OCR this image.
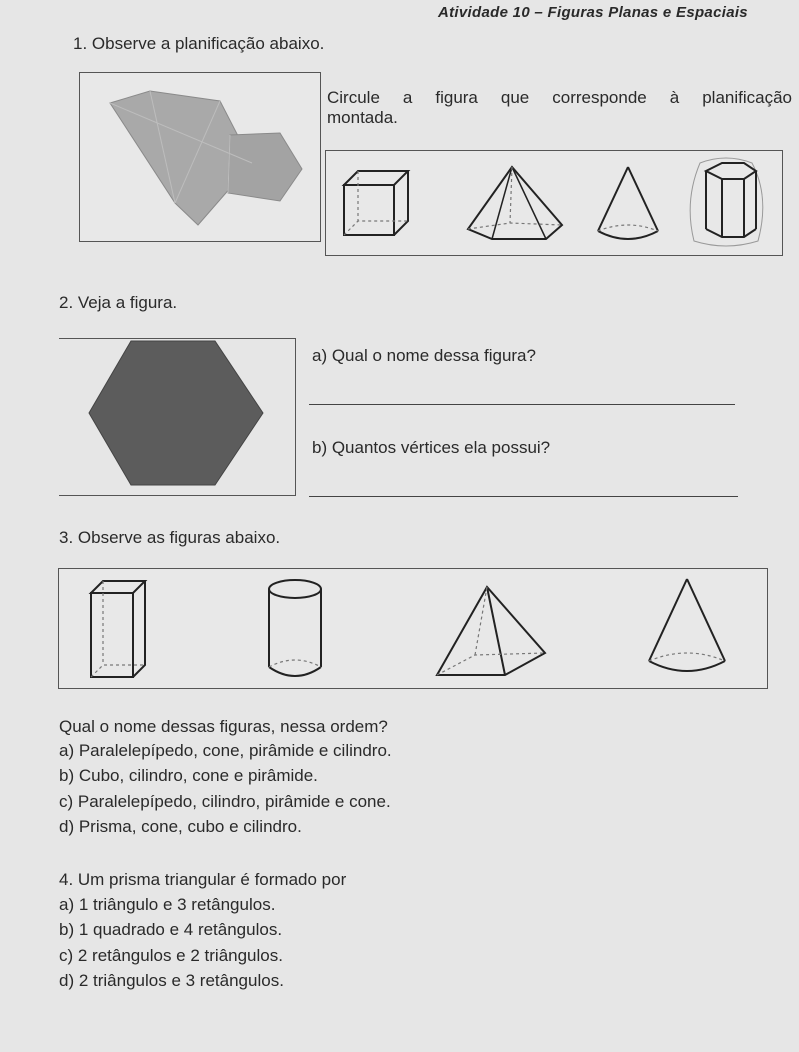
Atividade 10 – Figuras Planas e Espaciais
1. Observe a planificação abaixo.
Circule a figura que corresponde à planificação
montada.
2. Veja a figura.
a) Qual o nome dessa figura?
b) Quantos vértices ela possui?
3. Observe as figuras abaixo.
Qual o nome dessas figuras, nessa ordem?
a) Paralelepípedo, cone, pirâmide e cilindro.
b) Cubo, cilindro, cone e pirâmide.
c) Paralelepípedo, cilindro, pirâmide e cone.
d) Prisma, cone, cubo e cilindro.
4. Um prisma triangular é formado por
a) 1 triângulo e 3 retângulos.
b) 1 quadrado e 4 retângulos.
c) 2 retângulos e 2 triângulos.
d) 2 triângulos e 3 retângulos.
